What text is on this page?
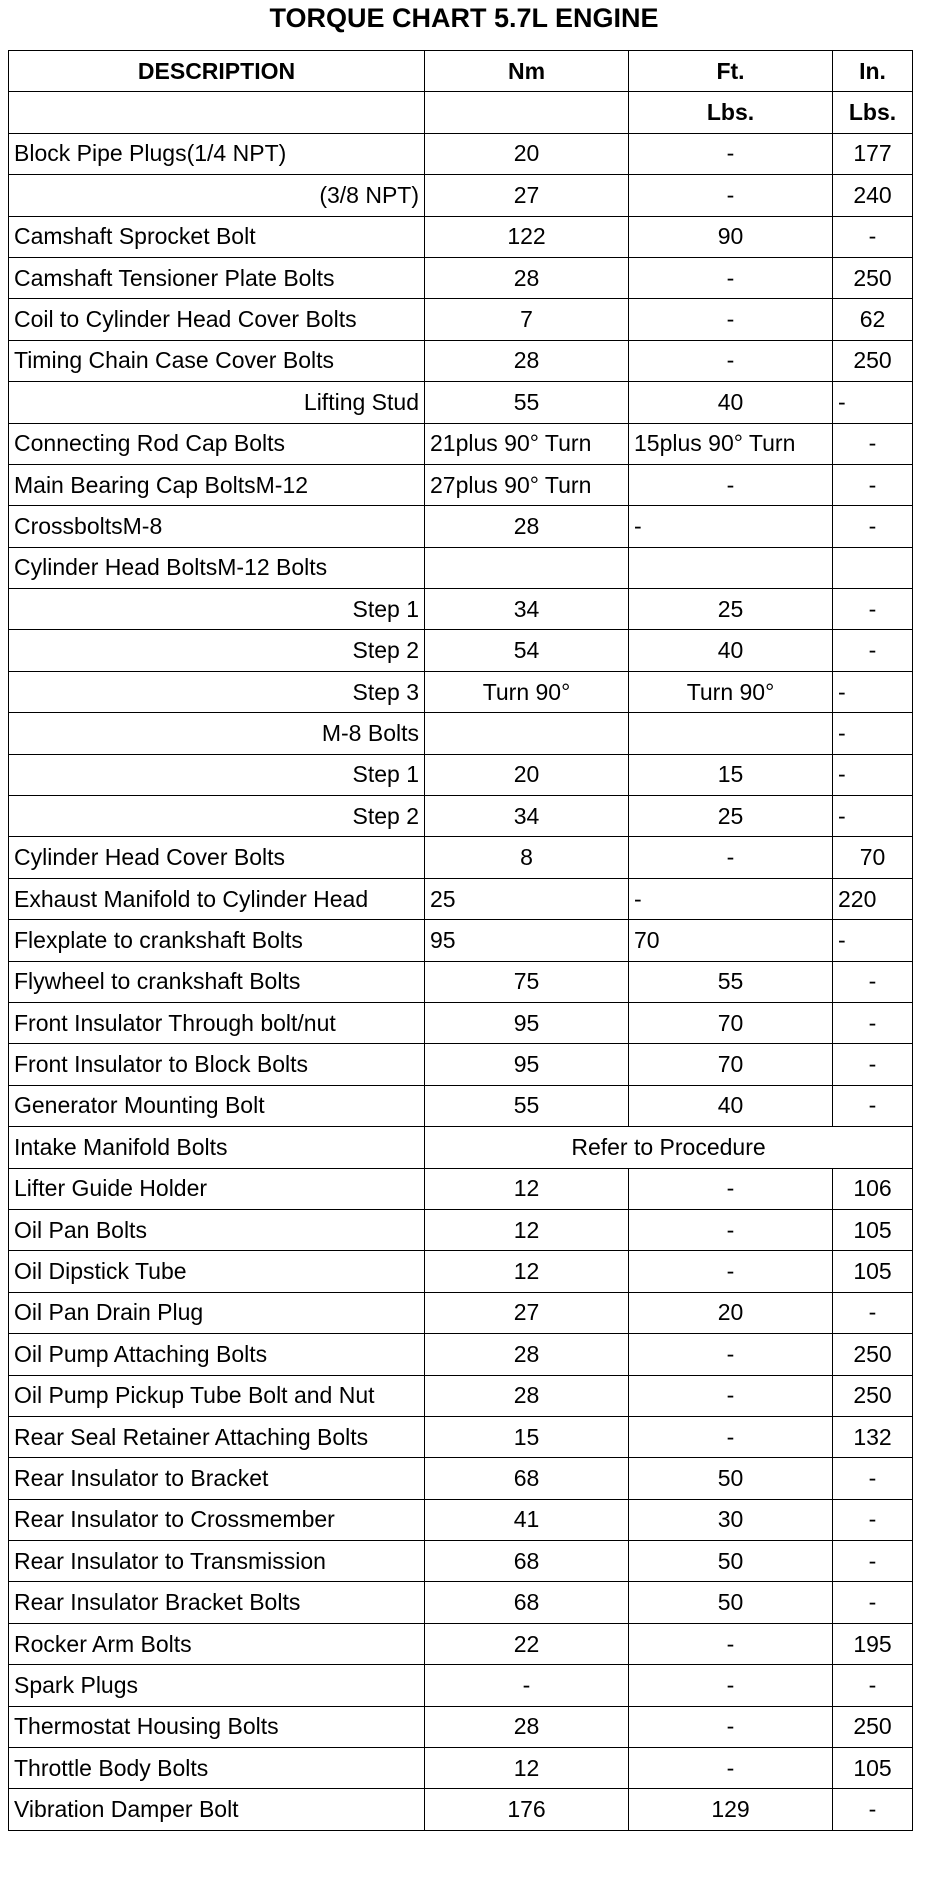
TORQUE CHART 5.7L ENGINE
DESCRIPTION	Nm	Ft.	In.
		Lbs.	Lbs.
Block Pipe Plugs(1/4 NPT)	20	-	177
(3/8 NPT)	27	-	240
Camshaft Sprocket Bolt	122	90	-
Camshaft Tensioner Plate Bolts	28	-	250
Coil to Cylinder Head Cover Bolts	7	-	62
Timing Chain Case Cover Bolts	28	-	250
Lifting Stud	55	40	-
Connecting Rod Cap Bolts	21plus 90° Turn	15plus 90° Turn	-
Main Bearing Cap BoltsM-12	27plus 90° Turn	-	-
CrossboltsM-8	28	-	-
Cylinder Head BoltsM-12 Bolts			
Step 1	34	25	-
Step 2	54	40	-
Step 3	Turn 90°	Turn 90°	-
M-8 Bolts			-
Step 1	20	15	-
Step 2	34	25	-
Cylinder Head Cover Bolts	8	-	70
Exhaust Manifold to Cylinder Head	25	-	220
Flexplate to crankshaft Bolts	95	70	-
Flywheel to crankshaft Bolts	75	55	-
Front Insulator Through bolt/nut	95	70	-
Front Insulator to Block Bolts	95	70	-
Generator Mounting Bolt	55	40	-
Intake Manifold Bolts	Refer to Procedure		
Lifter Guide Holder	12	-	106
Oil Pan Bolts	12	-	105
Oil Dipstick Tube	12	-	105
Oil Pan Drain Plug	27	20	-
Oil Pump Attaching Bolts	28	-	250
Oil Pump Pickup Tube Bolt and Nut	28	-	250
Rear Seal Retainer Attaching Bolts	15	-	132
Rear Insulator to Bracket	68	50	-
Rear Insulator to Crossmember	41	30	-
Rear Insulator to Transmission	68	50	-
Rear Insulator Bracket Bolts	68	50	-
Rocker Arm Bolts	22	-	195
Spark Plugs	-	-	-
Thermostat Housing Bolts	28	-	250
Throttle Body Bolts	12	-	105
Vibration Damper Bolt	176	129	-
